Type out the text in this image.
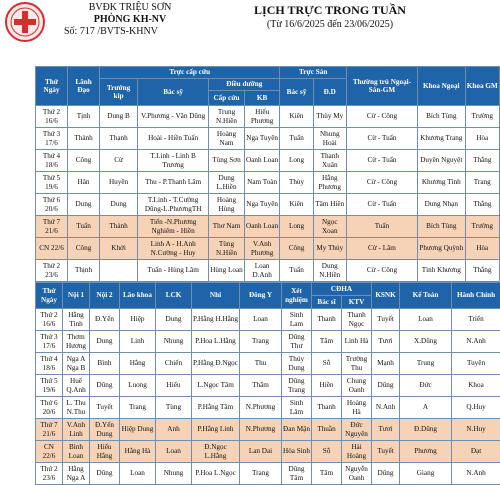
BVĐK TRIỆU SƠN
PHÒNG KH-NV
Số: 717 /BVTS-KHNV
LỊCH TRỰC TRONG TUẦN
(Từ 16/6/2025 đến 23/06/2025)
Thứ Ngày	Lãnh Đạo	Trực cấp cứu				Trực Sản		Thường trú Ngoại-Sản-GM	Khoa Ngoại	Khoa GM
		Trưởng kíp	Bác sỹ	Điều dưỡng		Bác sỹ	Đ.D			
				Cấp cứu	KB					
Thứ 2 16/6	Tịnh	Dung B	V.Phương - Văn Dũng	Trung N.Hiền	Hiếu Phương	Kiên	Thùy My	Cừ - Công	Bích Tùng	Trường
Thứ 3 17/6	Thành	Thạnh	Hoài - Hiền Tuấn	Hoàng Nam	Nga Tuyên	Tuấn	Nhung Hoài	Cừ - Tuấn	Khương Trang	Hòa
Thứ 4 18/6	Công	Cừ	T.Linh - Linh B Trương	Tùng Sơn	Oanh Loan	Long	Thanh Xuân	Cừ - Tuấn	Duyên Nguyệt	Thắng
Thứ 5 19/6	Hân	Huyền	Thu - P.Thanh Lâm	Dung L.Hiền	Nam Toàn	Thủy	Hằng Phương	Cừ - Công	Khương Tình	Trang
Thứ 6 20/6	Dung	Dung	T.Linh - T.Cường Dũng-L.PhươngTH	Hoàng Hùng	Nga Tuyên	Kiên	Tâm Hiền	Cừ - Tuấn	Dung Nhạn	Thắng
Thứ 7 21/6	Tuấn	Thành	Tiến -N.Phương Nghiêm - Hiền	Thơ Nam	Oanh Loan	Long	Ngọc Xoan	Tuấn	Bích Tùng	Trường
CN 22/6	Công	Khởi	Linh A - H.Anh N.Cường - Huy	Tùng N.Hiền	V.Anh Phương	Công	My Thủy	Cừ - Lâm	Phương Quỳnh	Hòa
Thứ 2 23/6	Thịnh		Tuấn - Hùng Lâm	Hùng Loan	Loan D.Anh	Tuấn	Dung N.Hiền	Cừ - Công	Tình Khương	Thắng
Thứ Ngày	Nội 1	Nội 2	Lão khoa	LCK	Nhi	Đông Y	Xét nghiệm	CĐHA		KSNK	Kế Toán	Hành Chính
								Bác sĩ	KTV			
Thứ 2 16/6	Hằng Tình	Đ.Yến	Hiệp	Dung	P.Hằng H.Hằng	Loan	Sinh Lam	Thanh	Thanh Ngọc	Tuyết	Loan	Triển
Thứ 3 17/6	Thơm Hương	Dung	Linh	Nhung	P.Hoa L.Hằng	Trang	Dũng Thư	Tâm	Linh Hà	Tươi	X.Dũng	N.Anh
Thứ 4 18/6	Nga A Nga B	Bình	Hằng	Chiến	P.Hằng Đ.Ngọc	Thu	Thúy Dung	Sỗ	Trường Thu	Mạnh	Trung	Tuyên
Thứ 5 19/6	Huế Q.Anh	Dũng	Luong	Hiếu	L.Ngọc Tâm	Thắm	Dũng Trang	Hiền	Chung Oanh	Dũng	Đức	Khoa
Thứ 6 20/6	L. Thu N.Thu	Tuyết	Trang	Tùng	P.Hằng Tâm	N.Phương	Sinh Lâm	Thanh	Hoàng Hà	N.Anh	A	Q.Huy
Thứ 7 21/6	V.Anh Linh	Đ.Yến Dung	Hiệp Dung	Anh	P.Hằng Linh	N.Phương	Đan Mận	Thuần	Đức Nguyên	Tươi	Đ.Dũng	N.Huy
CN 22/6	Bình Loan	Hiếu Hằng	Hằng Hà	Loan	Đ.Ngọc L.Hằng	Lan Dai	Hòa Sinh	Sỗ	Hải Hoàng	Tuyết	Phương	Đạt
Thứ 2 23/6	Hằng Nga A	Dũng	Loan	Nhung	P.Hoa L.Ngọc	Trang	Dũng Tâm	Tâm	Nguyễn Oanh	Dũng	Giang	N.Anh
